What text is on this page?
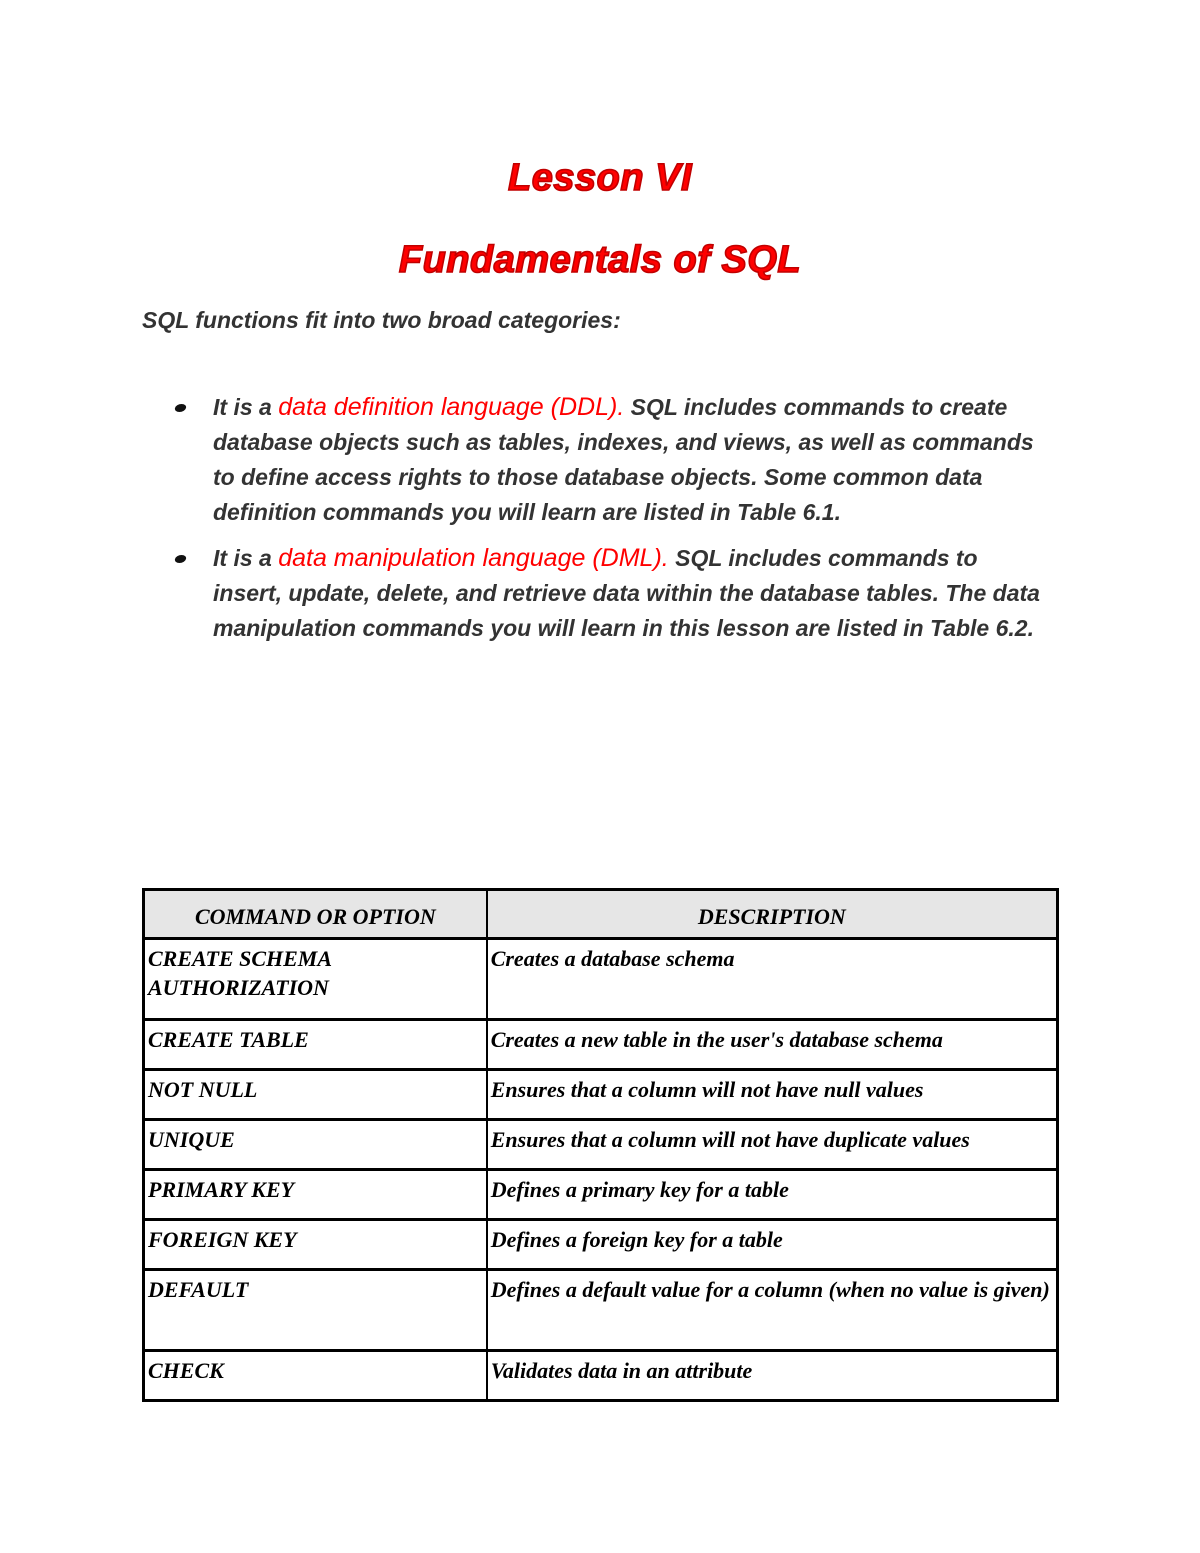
Lesson VI
Fundamentals of SQL

SQL functions fit into two broad categories:

It is a data definition language (DDL). SQL includes commands to create database objects such as tables, indexes, and views, as well as commands to define access rights to those database objects. Some common data definition commands you will learn are listed in Table 6.1.
It is a data manipulation language (DML). SQL includes commands to insert, update, delete, and retrieve data within the database tables. The data manipulation commands you will learn in this lesson are listed in Table 6.2.
COMMAND OR OPTION	DESCRIPTION
CREATE SCHEMA AUTHORIZATION	Creates a database schema
CREATE TABLE	Creates a new table in the user's database schema
NOT NULL	Ensures that a column will not have null values
UNIQUE	Ensures that a column will not have duplicate values
PRIMARY KEY	Defines a primary key for a table
FOREIGN KEY	Defines a foreign key for a table
DEFAULT	Defines a default value for a column (when no value is given)
CHECK	Validates data in an attribute
